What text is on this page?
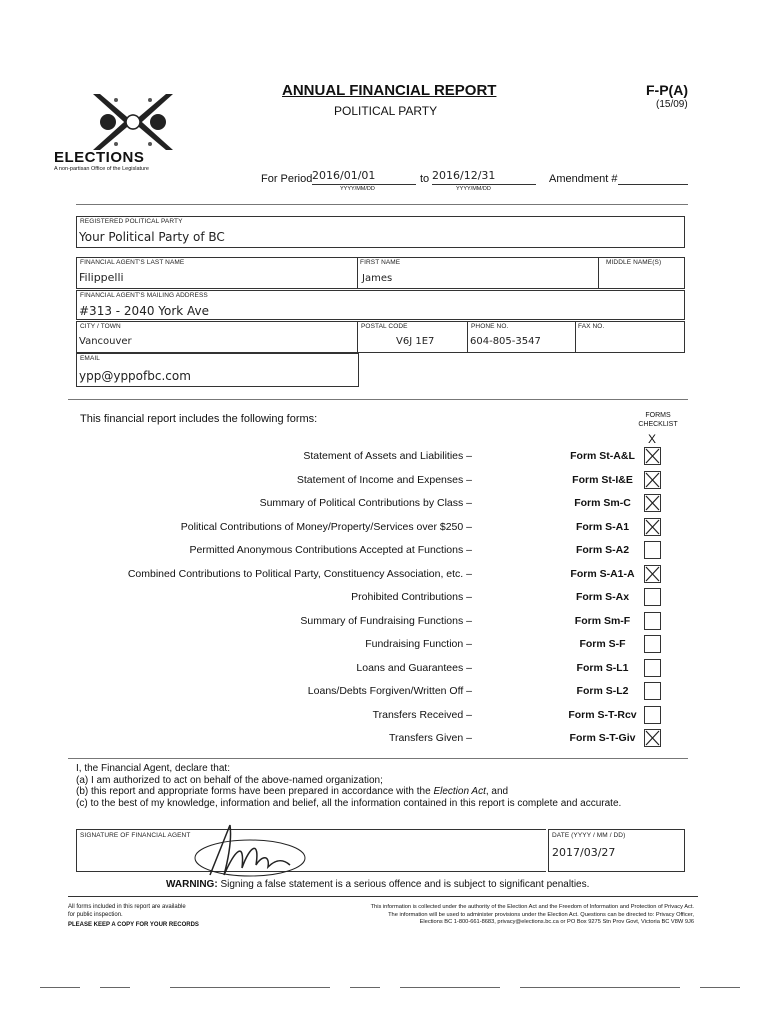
ELECTIONS
A non-partisan Office of the Legislature
ANNUAL FINANCIAL REPORT
POLITICAL PARTY
F-P(A)
(15/09)
For Period 2016/01/01
YYYY/MM/DD
to 2016/12/31
YYYY/MM/DD
Amendment #
REGISTERED POLITICAL PARTY
Your Political Party of BC
FINANCIAL AGENT'S LAST NAME
Filippelli
FIRST NAME
James
MIDDLE NAME(S)
FINANCIAL AGENT'S MAILING ADDRESS
#313 - 2040 York Ave
CITY / TOWN
Vancouver
POSTAL CODE
V6J 1E7
PHONE NO.
604-805-3547
FAX NO.
EMAIL
ypp@yppofbc.com
This financial report includes the following forms:	FORMS
CHECKLIST
X
Statement of Assets and Liabilities –	Form St-A&L
Statement of Income and Expenses –	Form St-I&E
Summary of Political Contributions by Class –	Form Sm-C
Political Contributions of Money/Property/Services over $250 –	Form S-A1
Permitted Anonymous Contributions Accepted at Functions –	Form S-A2
Combined Contributions to Political Party, Constituency Association, etc. –	Form S-A1-A
Prohibited Contributions –	Form S-Ax
Summary of Fundraising Functions –	Form Sm-F
Fundraising Function –	Form S-F
Loans and Guarantees –	Form S-L1
Loans/Debts Forgiven/Written Off –	Form S-L2
Transfers Received –	Form S-T-Rcv
Transfers Given –	Form S-T-Giv
I, the Financial Agent, declare that:
(a) I am authorized to act on behalf of the above-named organization;
(b) this report and appropriate forms have been prepared in accordance with the Election Act, and
(c) to the best of my knowledge, information and belief, all the information contained in this report is complete and accurate.
SIGNATURE OF FINANCIAL AGENT	DATE (YYYY / MM / DD)
2017/03/27
WARNING: Signing a false statement is a serious offence and is subject to significant penalties.
All forms included in this report are available
for public inspection.
PLEASE KEEP A COPY FOR YOUR RECORDS
This information is collected under the authority of the Election Act and the Freedom of Information and Protection of Privacy Act.
The information will be used to administer provisions under the Election Act. Questions can be directed to: Privacy Officer,
Elections BC 1-800-661-8683, privacy@elections.bc.ca or PO Box 9275 Stn Prov Govt, Victoria BC V8W 9J6
